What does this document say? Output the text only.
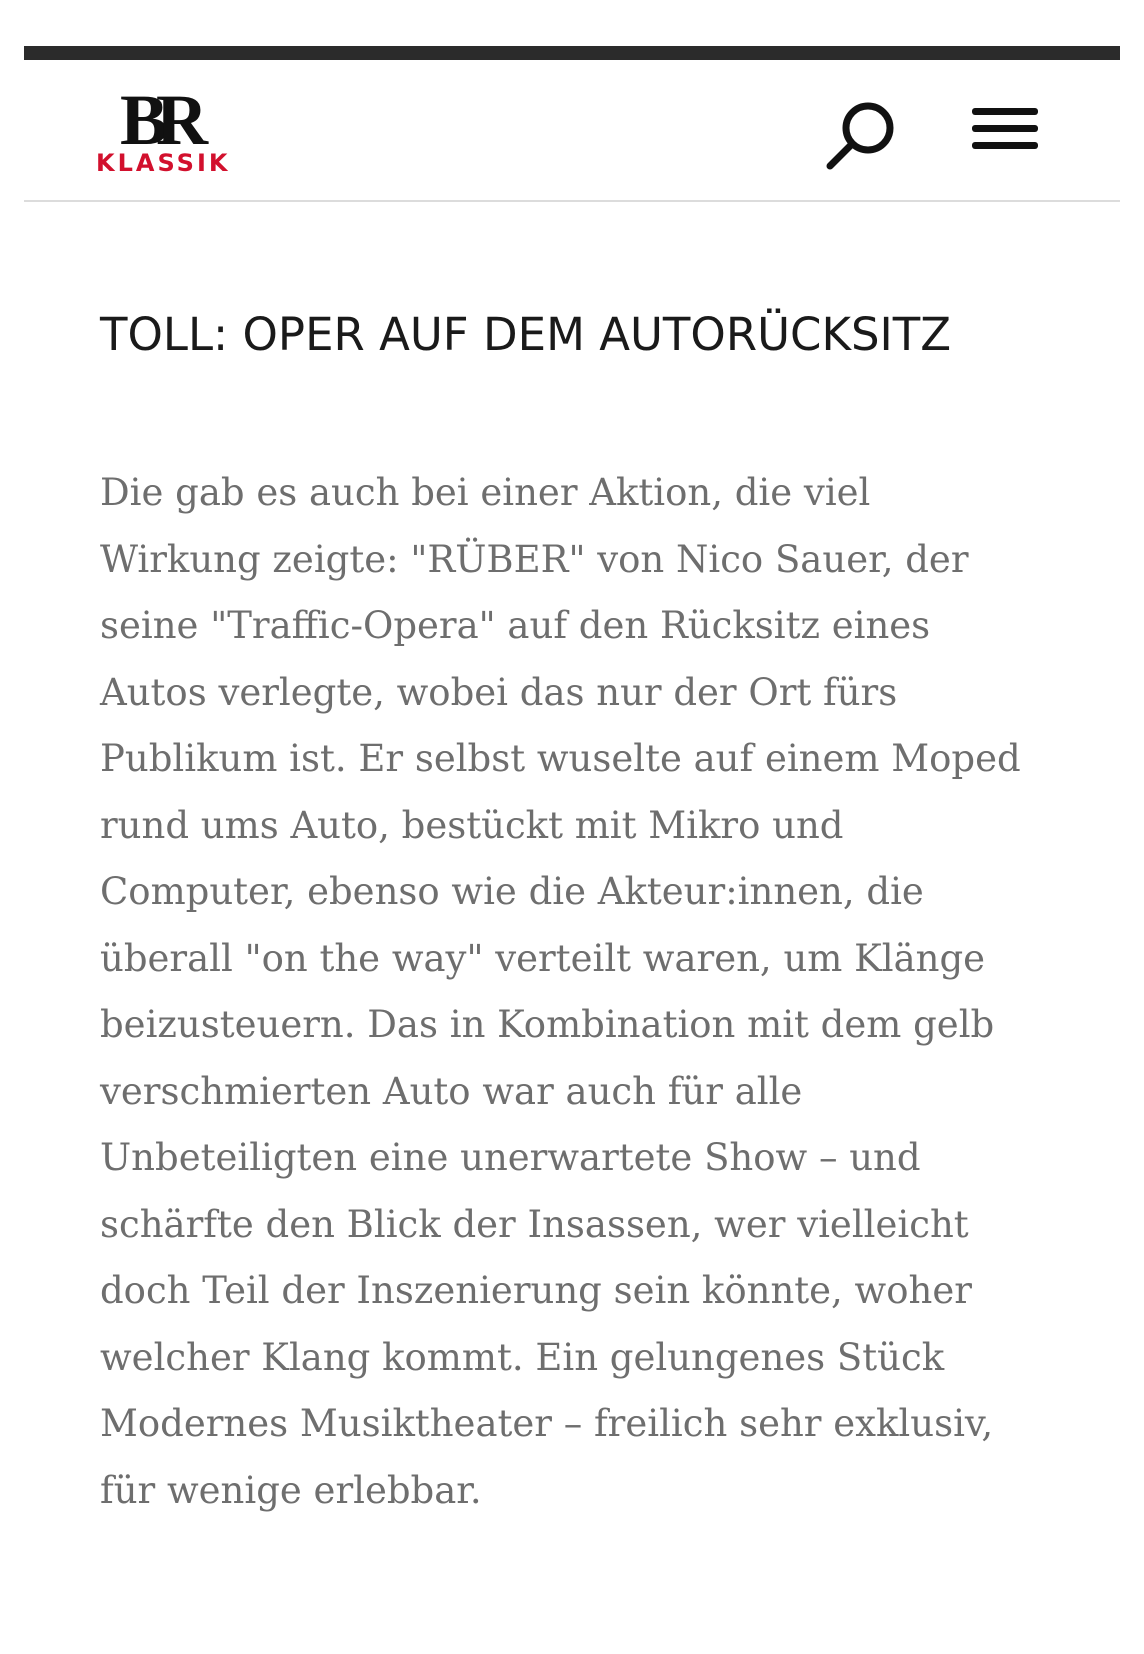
BR
KLASSIK
TOLL: OPER AUF DEM AUTORÜCKSITZ

Die gab es auch bei einer Aktion, die viel Wirkung zeigte: "RÜBER" von Nico Sauer, der seine "Traffic-Opera" auf den Rücksitz eines Autos verlegte, wobei das nur der Ort fürs Publikum ist. Er selbst wuselte auf einem Moped rund ums Auto, bestückt mit Mikro und Computer, ebenso wie die Akteur:innen, die überall "on the way" verteilt waren, um Klänge beizusteuern. Das in Kombination mit dem gelb verschmierten Auto war auch für alle Unbeteiligten eine unerwartete Show – und schärfte den Blick der Insassen, wer vielleicht doch Teil der Inszenierung sein könnte, woher welcher Klang kommt. Ein gelungenes Stück Modernes Musiktheater – freilich sehr exklusiv, für wenige erlebbar.
